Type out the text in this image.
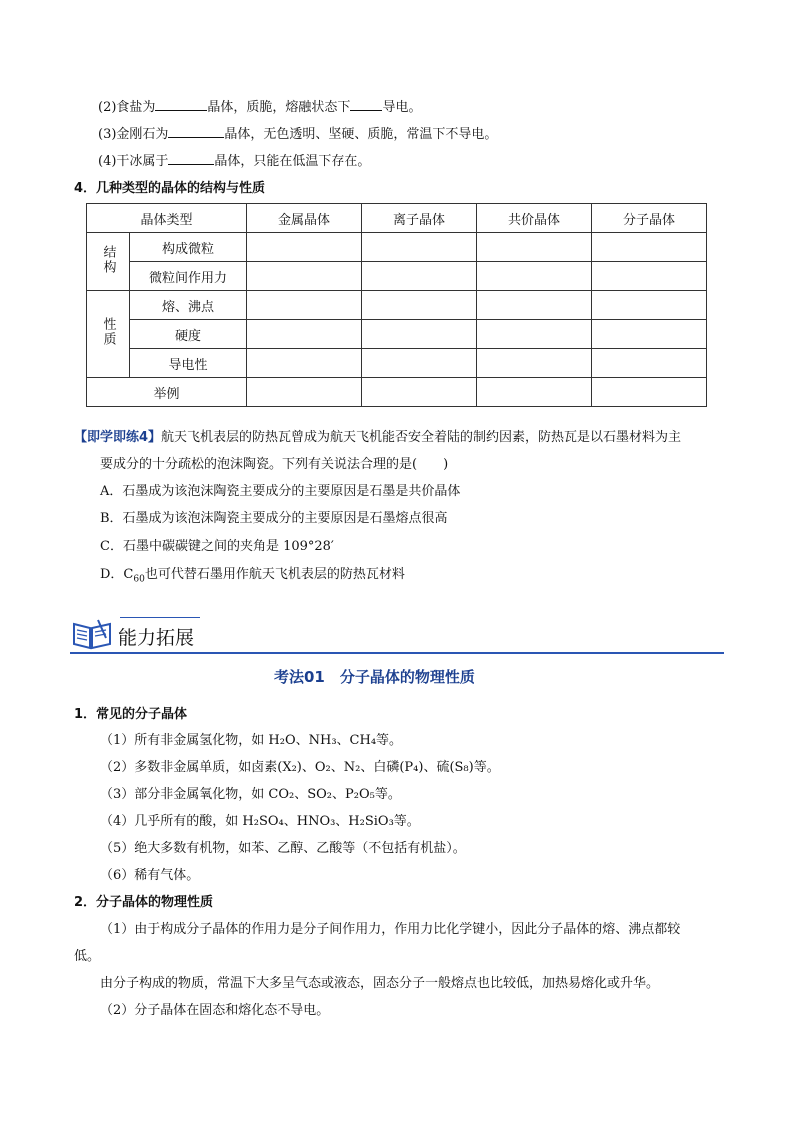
(2)食盐为	晶体，质脆，熔融状态下 导电。
(3)金刚石为	晶体，无色透明、坚硬、质脆，常温下不导电。
(4)干冰属于	晶体，只能在低温下存在。
4．几种类型的晶体的结构与性质
晶体类型		金属晶体	离子晶体	共价晶体	分子晶体
结构	构成微粒				
	微粒间作用力				
性质	熔、沸点				
	硬度				
	导电性				
举例					
【即学即练4】航天飞机表层的防热瓦曾成为航天飞机能否安全着陆的制约因素，防热瓦是以石墨材料为主
要成分的十分疏松的泡沫陶瓷。下列有关说法合理的是(　　)
A．石墨成为该泡沫陶瓷主要成分的主要原因是石墨是共价晶体
B．石墨成为该泡沫陶瓷主要成分的主要原因是石墨熔点很高
C．石墨中碳碳键之间的夹角是 109°28′
D．$C_{60}$也可代替石墨用作航天飞机表层的防热瓦材料
能力拓展
考法01　分子晶体的物理性质
1．常见的分子晶体
（1）所有非金属氢化物，如 H₂O、NH₃、CH₄等。
（2）多数非金属单质，如卤素(X₂)、O₂、N₂、白磷(P₄)、硫(S₈)等。
（3）部分非金属氧化物，如 CO₂、SO₂、P₂O₅等。
（4）几乎所有的酸，如 H₂SO₄、HNO₃、H₂SiO₃等。
（5）绝大多数有机物，如苯、乙醇、乙酸等（不包括有机盐）。
（6）稀有气体。
2．分子晶体的物理性质
（1）由于构成分子晶体的作用力是分子间作用力，作用力比化学键小，因此分子晶体的熔、沸点都较
低。
由分子构成的物质，常温下大多呈气态或液态，固态分子一般熔点也比较低，加热易熔化或升华。
（2）分子晶体在固态和熔化态不导电。
